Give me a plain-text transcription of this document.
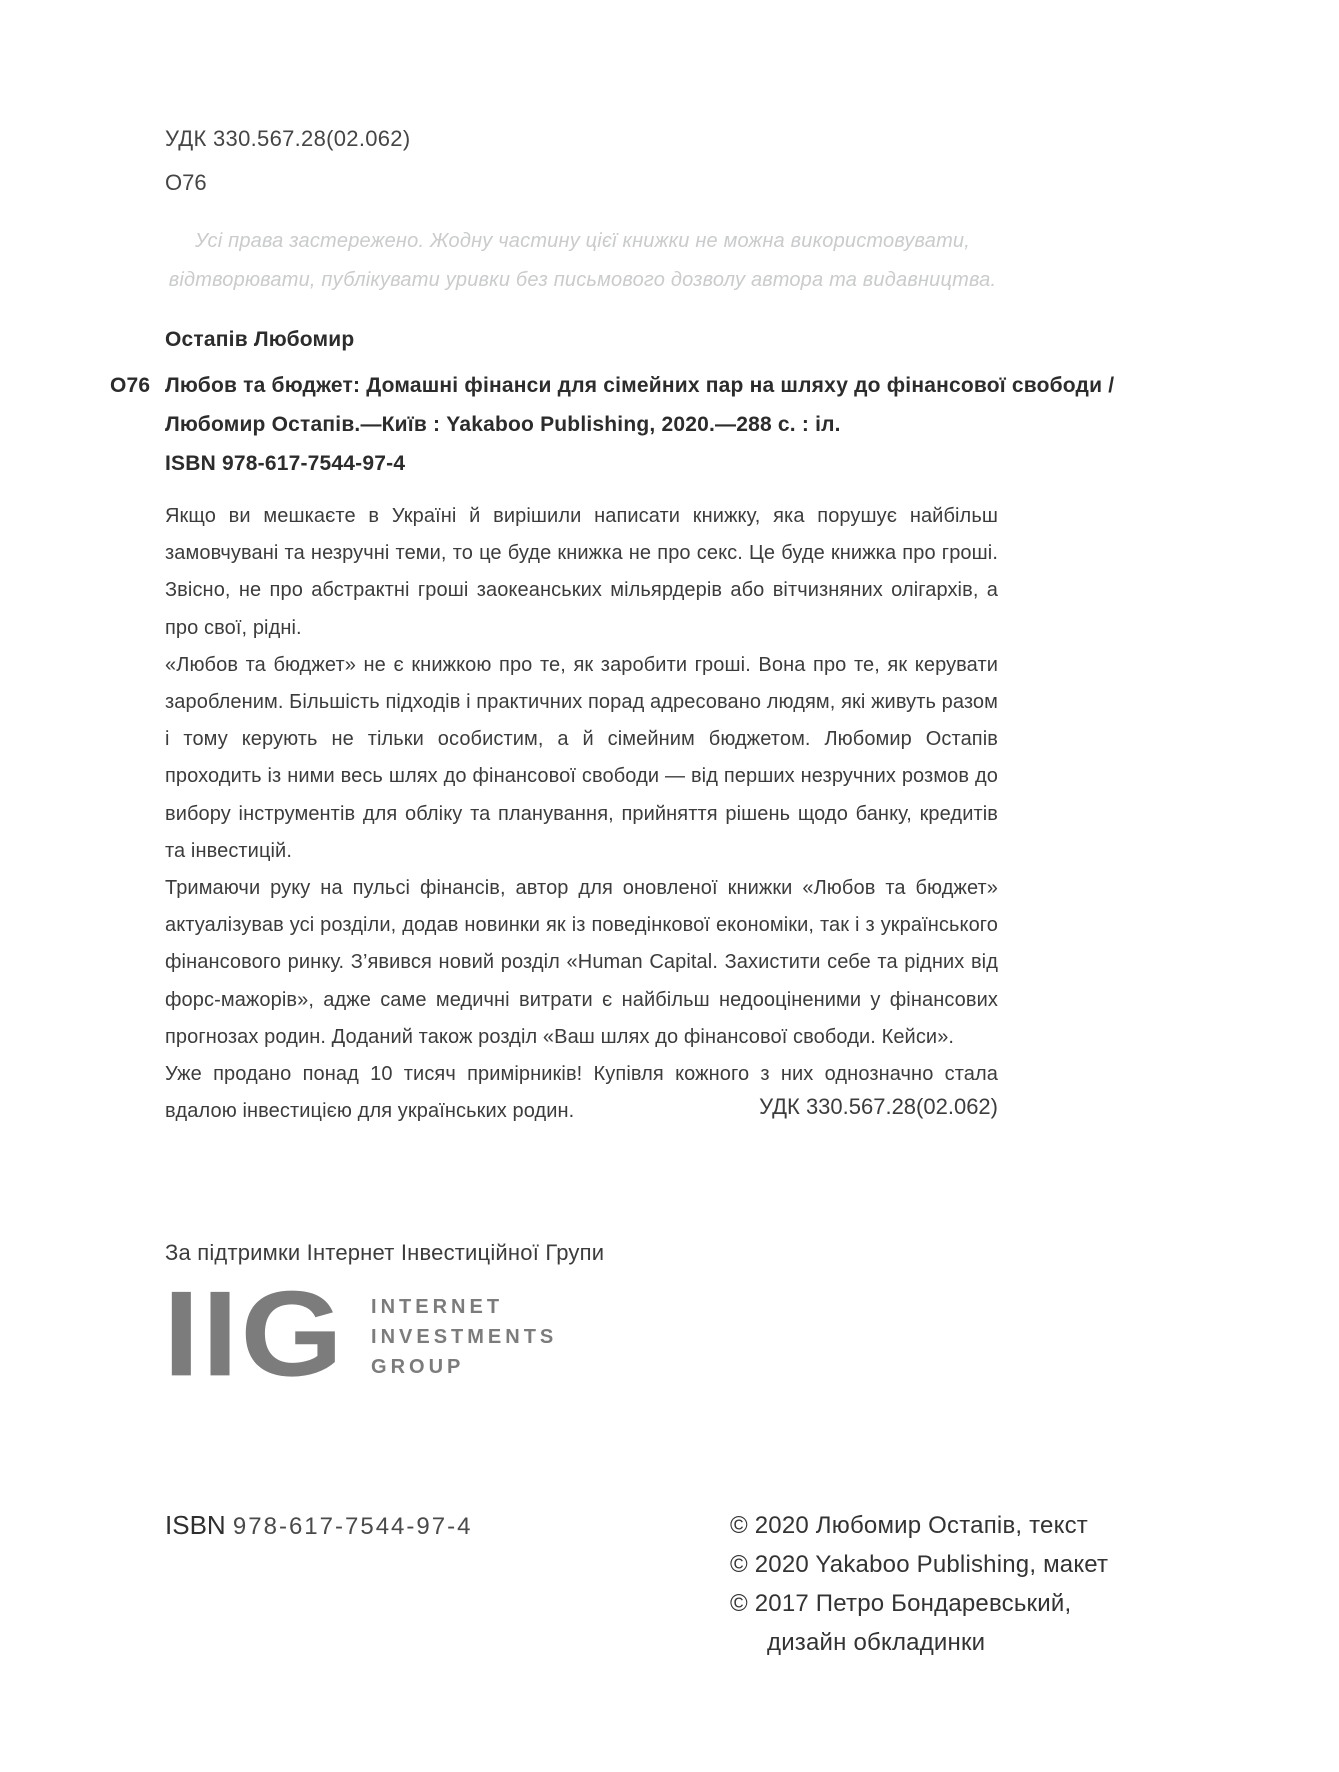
УДК 330.567.28(02.062)
О76
Усі права застережено. Жодну частину цієї книжки не можна використовувати,
відтворювати, публікувати уривки без письмового дозволу автора та видавництва.
Остапів Любомир
О76 Любов та бюджет: Домашні фінанси для сімейних пар на шляху до фінансової свободи /
Любомир Остапів.—Київ : Yakaboo Publishing, 2020.—288 с. : іл.
ISBN 978-617-7544-97-4

Якщо ви мешкаєте в Україні й вирішили написати книжку, яка порушує найбільш замовчувані та незручні теми, то це буде книжка не про секс. Це буде книжка про гроші. Звісно, не про абстрактні гроші заокеанських мільярдерів або вітчизняних олігархів, а про свої, рідні.

«Любов та бюджет» не є книжкою про те, як заробити гроші. Вона про те, як керувати заробленим. Більшість підходів і практичних порад адресовано людям, які живуть разом і тому керують не тільки особистим, а й сімейним бюджетом. Любомир Остапів проходить із ними весь шлях до фінансової свободи — від перших незручних розмов до вибору інструментів для обліку та планування, прийняття рішень щодо банку, кредитів та інвестицій.

Тримаючи руку на пульсі фінансів, автор для оновленої книжки «Любов та бюджет» актуалізував усі розділи, додав новинки як із поведінкової економіки, так і з українського фінансового ринку. З’явився новий розділ «Human Capital. Захистити себе та рідних від форс-мажорів», адже саме медичні витрати є найбільш недооціненими у фінансових прогнозах родин. Доданий також розділ «Ваш шлях до фінансової свободи. Кейси».

Уже продано понад 10 тисяч примірників! Купівля кожного з них однозначно стала вдалою інвестицією для українських родин.	УДК 330.567.28(02.062)
За підтримки Інтернет Інвестиційної Групи
IIG INTERNET
INVESTMENTS
GROUP
ISBN 978-617-7544-97-4	© 2020 Любомир Остапів, текст
© 2020 Yakaboo Publishing, макет
© 2017 Петро Бондаревський,
дизайн обкладинки
